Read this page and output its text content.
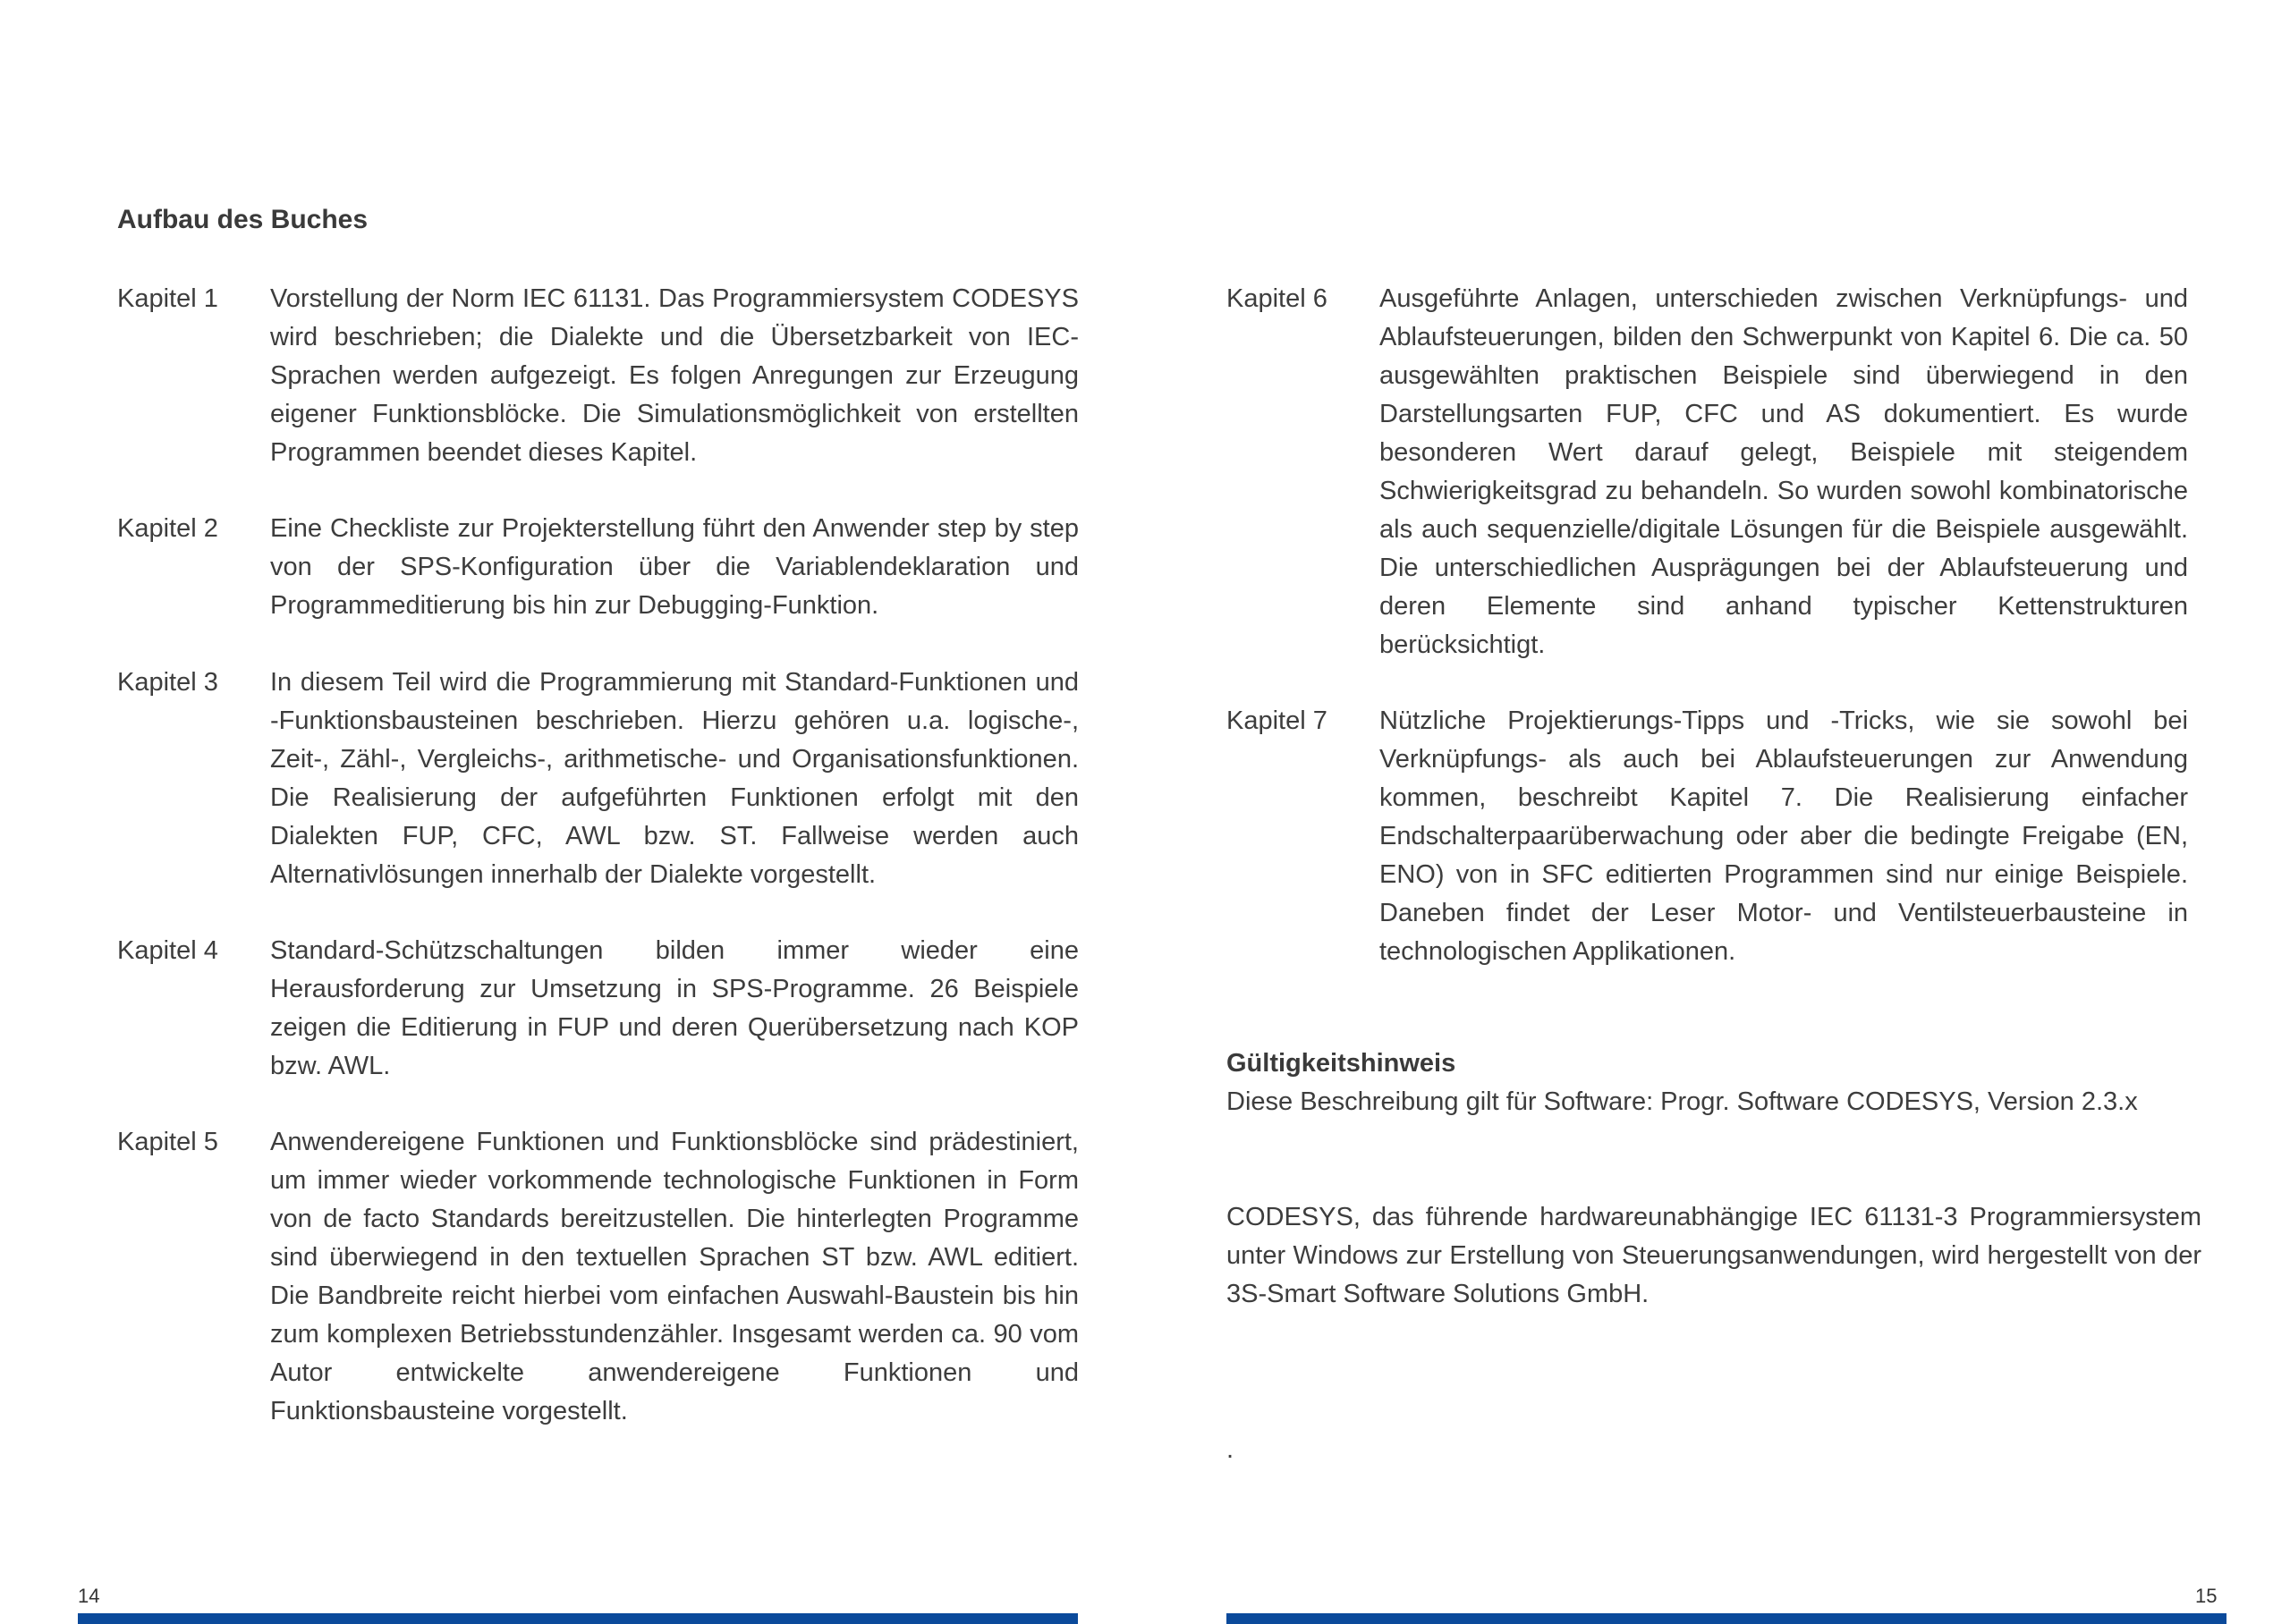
Aufbau des Buches
Kapitel 1	Vorstellung der Norm IEC 61131. Das Programmiersystem CODESYS wird beschrieben; die Dialekte und die Übersetzbarkeit von IEC-Sprachen werden aufgezeigt. Es folgen Anregungen zur Erzeugung eigener Funktionsblöcke. Die Simulationsmöglichkeit von erstellten Programmen beendet dieses Kapitel.
Kapitel 2	Eine Checkliste zur Projekterstellung führt den Anwender step by step von der SPS-Konfiguration über die Variablendeklaration und Programmeditierung bis hin zur Debugging-Funktion.
Kapitel 3	In diesem Teil wird die Programmierung mit Standard-Funktionen und -Funktionsbausteinen beschrieben. Hierzu gehören u.a. logische-, Zeit-, Zähl-, Vergleichs-, arithmetische- und Organisationsfunktionen. Die Realisierung der aufgeführten Funktionen erfolgt mit den Dialekten FUP, CFC, AWL bzw. ST. Fallweise werden auch Alternativlösungen innerhalb der Dialekte vorgestellt.
Kapitel 4	Standard-Schützschaltungen bilden immer wieder eine Herausforderung zur Umsetzung in SPS-Programme. 26 Beispiele zeigen die Editierung in FUP und deren Querübersetzung nach KOP bzw. AWL.
Kapitel 5	Anwendereigene Funktionen und Funktionsblöcke sind prädestiniert, um immer wieder vorkommende technologische Funktionen in Form von de facto Standards bereitzustellen. Die hinterlegten Programme sind überwiegend in den textuellen Sprachen ST bzw. AWL editiert. Die Bandbreite reicht hierbei vom einfachen Auswahl-Baustein bis hin zum komplexen Betriebsstundenzähler. Insgesamt werden ca. 90 vom Autor entwickelte anwendereigene Funktionen und Funktionsbausteine vorgestellt.
14
Kapitel 6	Ausgeführte Anlagen, unterschieden zwischen Verknüpfungs- und Ablaufsteuerungen, bilden den Schwerpunkt von Kapitel 6. Die ca. 50 ausgewählten praktischen Beispiele sind überwiegend in den Darstellungsarten FUP, CFC und AS dokumentiert. Es wurde besonderen Wert darauf gelegt, Beispiele mit steigendem Schwierigkeitsgrad zu behandeln. So wurden sowohl kombinatorische als auch sequenzielle/digitale Lösungen für die Beispiele ausgewählt. Die unterschiedlichen Ausprägungen bei der Ablaufsteuerung und deren Elemente sind anhand typischer Kettenstrukturen berücksichtigt.
Kapitel 7	Nützliche Projektierungs-Tipps und -Tricks, wie sie sowohl bei Verknüpfungs- als auch bei Ablaufsteuerungen zur Anwendung kommen, beschreibt Kapitel 7. Die Realisierung einfacher Endschalterpaarüberwachung oder aber die bedingte Freigabe (EN, ENO) von in SFC editierten Programmen sind nur einige Beispiele. Daneben findet der Leser Motor- und Ventilsteuerbausteine in technologischen Applikationen.
Gültigkeitshinweis
Diese Beschreibung gilt für Software: Progr. Software CODESYS, Version 2.3.x
CODESYS, das führende hardwareunabhängige IEC 61131-3 Programmiersystem unter Windows zur Erstellung von Steuerungsanwendungen, wird hergestellt von der 3S-Smart Software Solutions GmbH.
.
15
